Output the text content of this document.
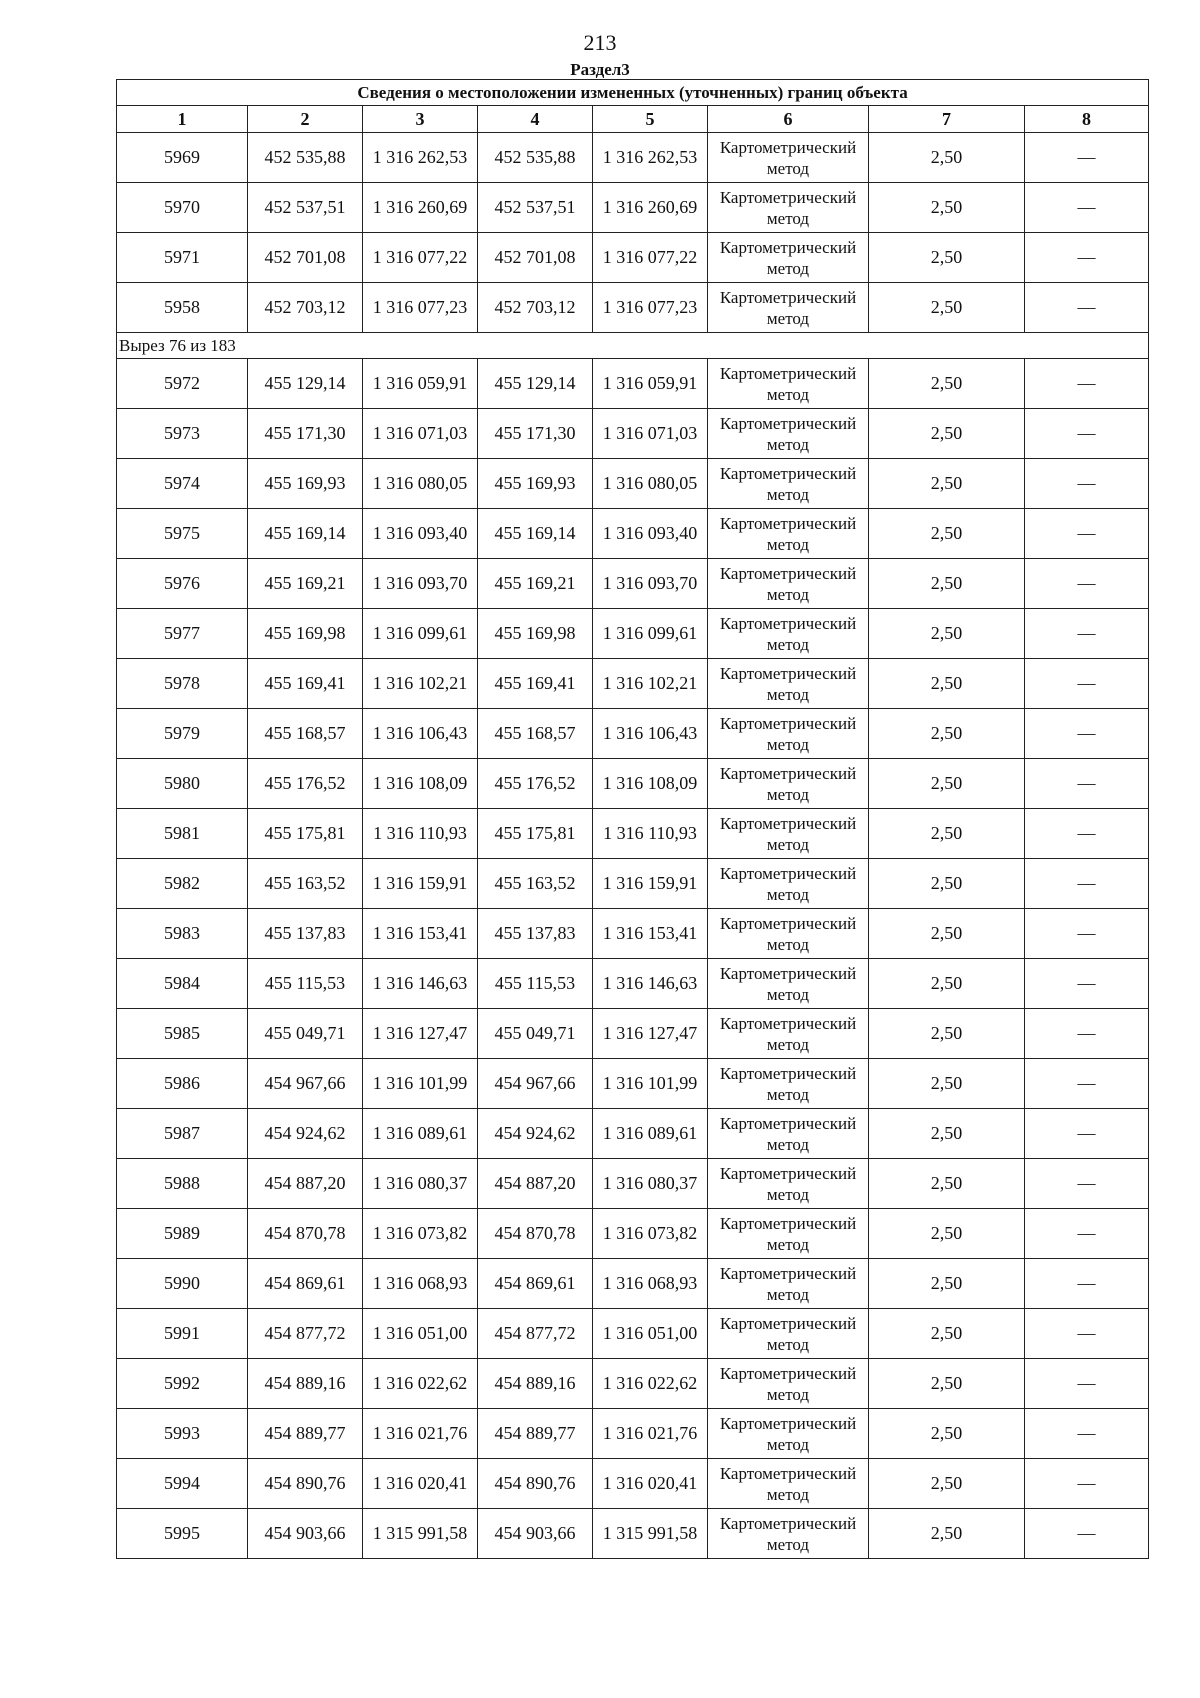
213
Раздел3
Сведения о местоположении измененных (уточненных) границ объекта							
1	2	3	4	5	6	7	8
5969	452 535,88	1 316 262,53	452 535,88	1 316 262,53	Картометрический метод	2,50	—
5970	452 537,51	1 316 260,69	452 537,51	1 316 260,69	Картометрический метод	2,50	—
5971	452 701,08	1 316 077,22	452 701,08	1 316 077,22	Картометрический метод	2,50	—
5958	452 703,12	1 316 077,23	452 703,12	1 316 077,23	Картометрический метод	2,50	—
Вырез 76 из 183							
5972	455 129,14	1 316 059,91	455 129,14	1 316 059,91	Картометрический метод	2,50	—
5973	455 171,30	1 316 071,03	455 171,30	1 316 071,03	Картометрический метод	2,50	—
5974	455 169,93	1 316 080,05	455 169,93	1 316 080,05	Картометрический метод	2,50	—
5975	455 169,14	1 316 093,40	455 169,14	1 316 093,40	Картометрический метод	2,50	—
5976	455 169,21	1 316 093,70	455 169,21	1 316 093,70	Картометрический метод	2,50	—
5977	455 169,98	1 316 099,61	455 169,98	1 316 099,61	Картометрический метод	2,50	—
5978	455 169,41	1 316 102,21	455 169,41	1 316 102,21	Картометрический метод	2,50	—
5979	455 168,57	1 316 106,43	455 168,57	1 316 106,43	Картометрический метод	2,50	—
5980	455 176,52	1 316 108,09	455 176,52	1 316 108,09	Картометрический метод	2,50	—
5981	455 175,81	1 316 110,93	455 175,81	1 316 110,93	Картометрический метод	2,50	—
5982	455 163,52	1 316 159,91	455 163,52	1 316 159,91	Картометрический метод	2,50	—
5983	455 137,83	1 316 153,41	455 137,83	1 316 153,41	Картометрический метод	2,50	—
5984	455 115,53	1 316 146,63	455 115,53	1 316 146,63	Картометрический метод	2,50	—
5985	455 049,71	1 316 127,47	455 049,71	1 316 127,47	Картометрический метод	2,50	—
5986	454 967,66	1 316 101,99	454 967,66	1 316 101,99	Картометрический метод	2,50	—
5987	454 924,62	1 316 089,61	454 924,62	1 316 089,61	Картометрический метод	2,50	—
5988	454 887,20	1 316 080,37	454 887,20	1 316 080,37	Картометрический метод	2,50	—
5989	454 870,78	1 316 073,82	454 870,78	1 316 073,82	Картометрический метод	2,50	—
5990	454 869,61	1 316 068,93	454 869,61	1 316 068,93	Картометрический метод	2,50	—
5991	454 877,72	1 316 051,00	454 877,72	1 316 051,00	Картометрический метод	2,50	—
5992	454 889,16	1 316 022,62	454 889,16	1 316 022,62	Картометрический метод	2,50	—
5993	454 889,77	1 316 021,76	454 889,77	1 316 021,76	Картометрический метод	2,50	—
5994	454 890,76	1 316 020,41	454 890,76	1 316 020,41	Картометрический метод	2,50	—
5995	454 903,66	1 315 991,58	454 903,66	1 315 991,58	Картометрический метод	2,50	—
